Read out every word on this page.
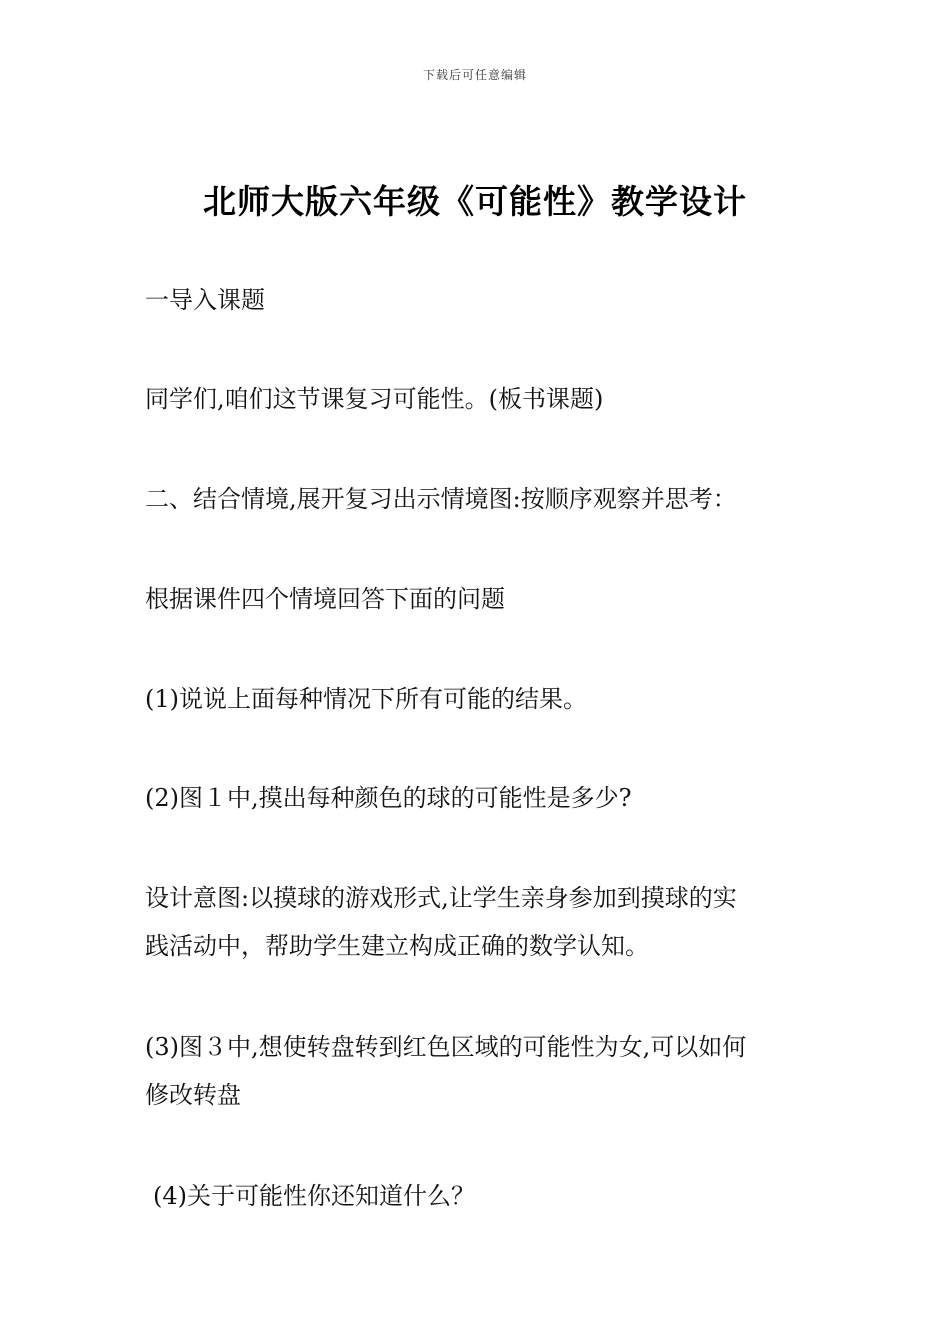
下载后可任意编辑
北师大版六年级《可能性》教学设计

一导入课题

同学们,咱们这节课复习可能性。(板书课题)

二、结合情境,展开复习出示情境图:按顺序观察并思考：

根据课件四个情境回答下面的问题

(1)说说上面每种情况下所有可能的结果。

(2)图１中,摸出每种颜色的球的可能性是多少?

设计意图:以摸球的游戏形式,让学生亲身参加到摸球的实
践活动中，帮助学生建立构成正确的数学认知。
(3)图３中,想使转盘转到红色区域的可能性为女,可以如何
修改转盘

(4)关于可能性你还知道什么？
